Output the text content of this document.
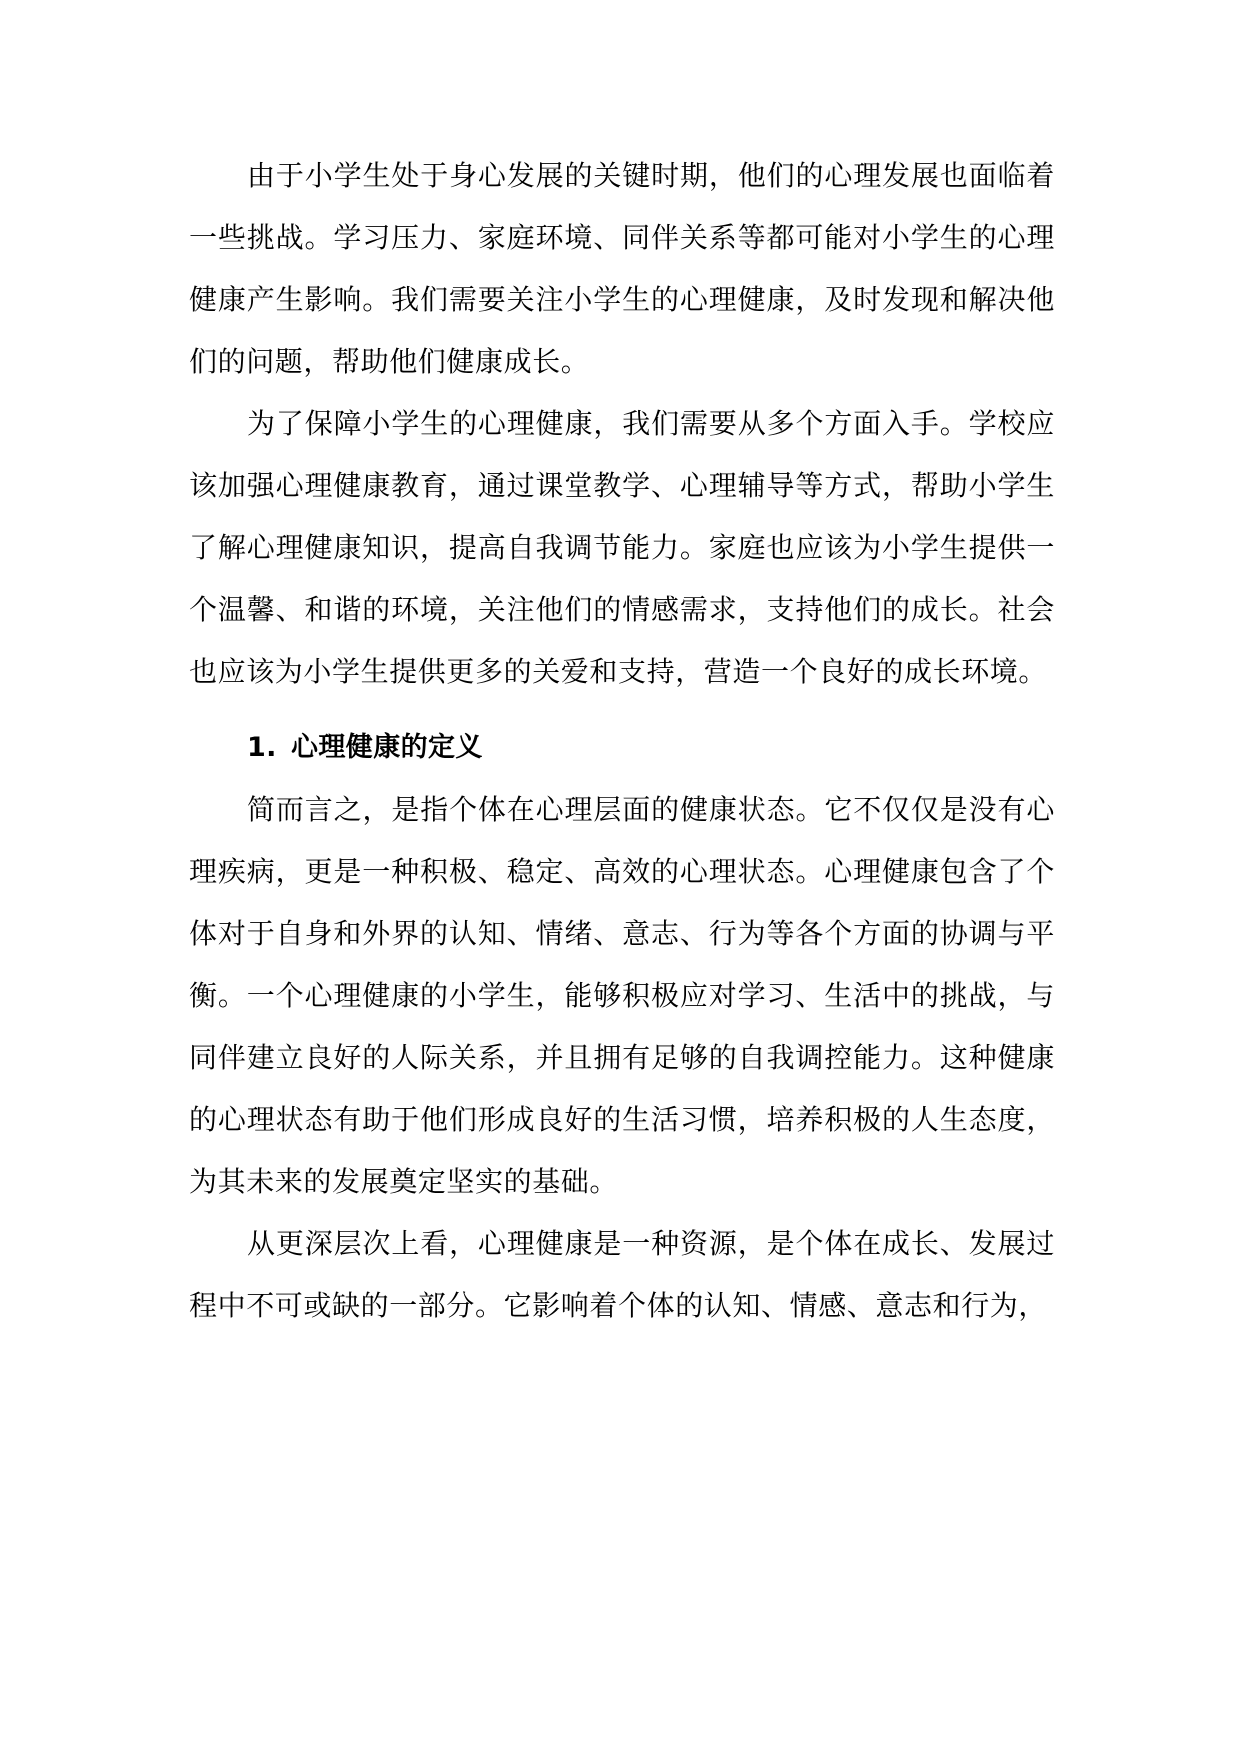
由于小学生处于身心发展的关键时期，他们的心理发展也面临着一些挑战。学习压力、家庭环境、同伴关系等都可能对小学生的心理健康产生影响。我们需要关注小学生的心理健康，及时发现和解决他们的问题，帮助他们健康成长。

为了保障小学生的心理健康，我们需要从多个方面入手。学校应该加强心理健康教育，通过课堂教学、心理辅导等方式，帮助小学生了解心理健康知识，提高自我调节能力。家庭也应该为小学生提供一个温馨、和谐的环境，关注他们的情感需求，支持他们的成长。社会也应该为小学生提供更多的关爱和支持，营造一个良好的成长环境。

1. 心理健康的定义

简而言之，是指个体在心理层面的健康状态。它不仅仅是没有心理疾病，更是一种积极、稳定、高效的心理状态。心理健康包含了个体对于自身和外界的认知、情绪、意志、行为等各个方面的协调与平衡。一个心理健康的小学生，能够积极应对学习、生活中的挑战，与同伴建立良好的人际关系，并且拥有足够的自我调控能力。这种健康的心理状态有助于他们形成良好的生活习惯，培养积极的人生态度，为其未来的发展奠定坚实的基础。

从更深层次上看，心理健康是一种资源，是个体在成长、发展过程中不可或缺的一部分。它影响着个体的认知、情感、意志和行为，
